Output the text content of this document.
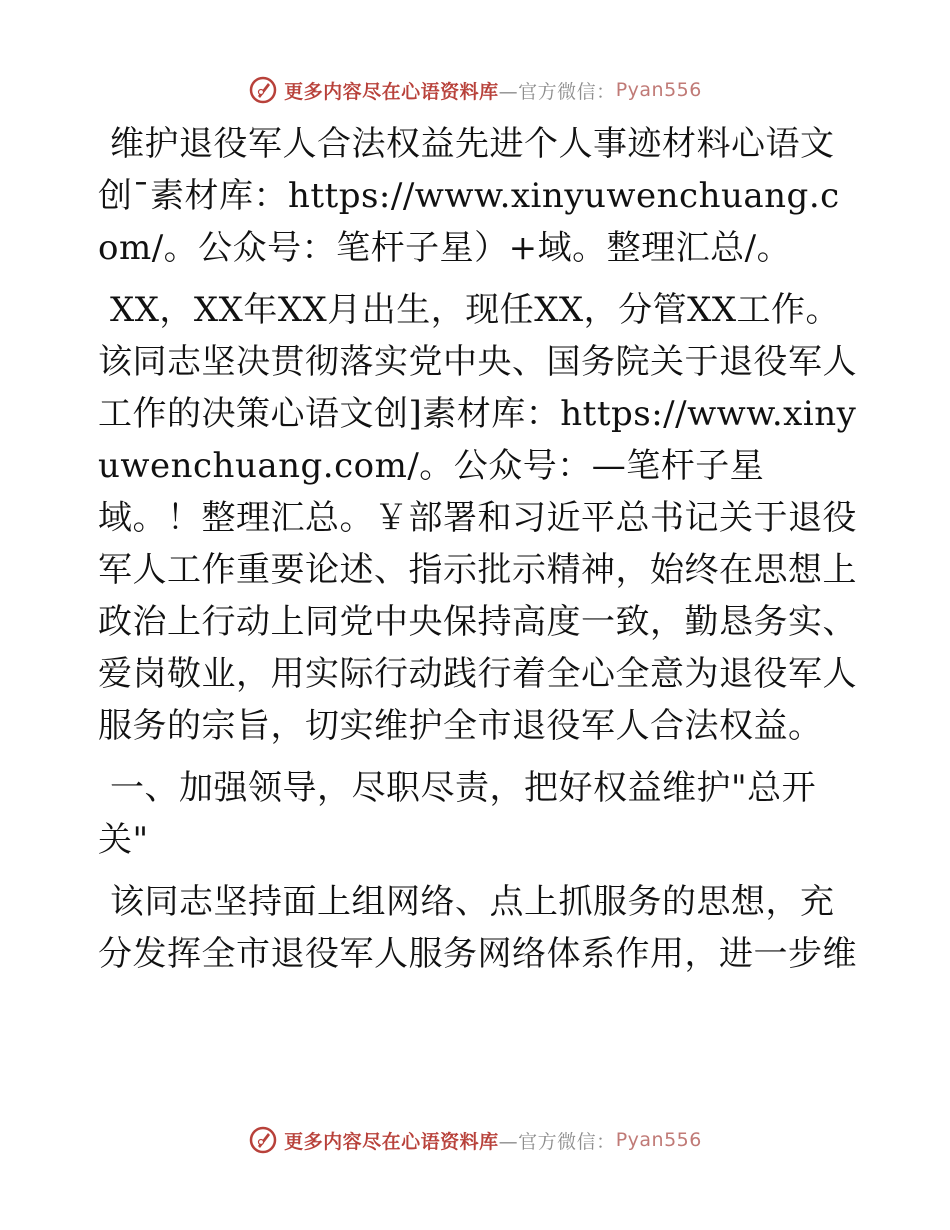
更多内容尽在心语资料库 —官方微信： Pyan556

维护退役军人合法权益先进个人事迹材料心语文创¯素材库：https://www.xinyuwenchuang.com/。公众号：笔杆子星）+域。整理汇总/。

XX，XX年XX月出生，现任XX，分管XX工作。该同志坚决贯彻落实党中央、国务院关于退役军人工作的决策心语文创]素材库：https://www.xinyuwenchuang.com/。公众号：—笔杆子星域。！整理汇总。￥部署和习近平总书记关于退役军人工作重要论述、指示批示精神，始终在思想上政治上行动上同党中央保持高度一致，勤恳务实、爱岗敬业，用实际行动践行着全心全意为退役军人服务的宗旨，切实维护全市退役军人合法权益。

一、加强领导，尽职尽责，把好权益维护"总开关"

该同志坚持面上组网络、点上抓服务的思想，充分发挥全市退役军人服务网络体系作用，进一步维

更多内容尽在心语资料库 —官方微信： Pyan556
